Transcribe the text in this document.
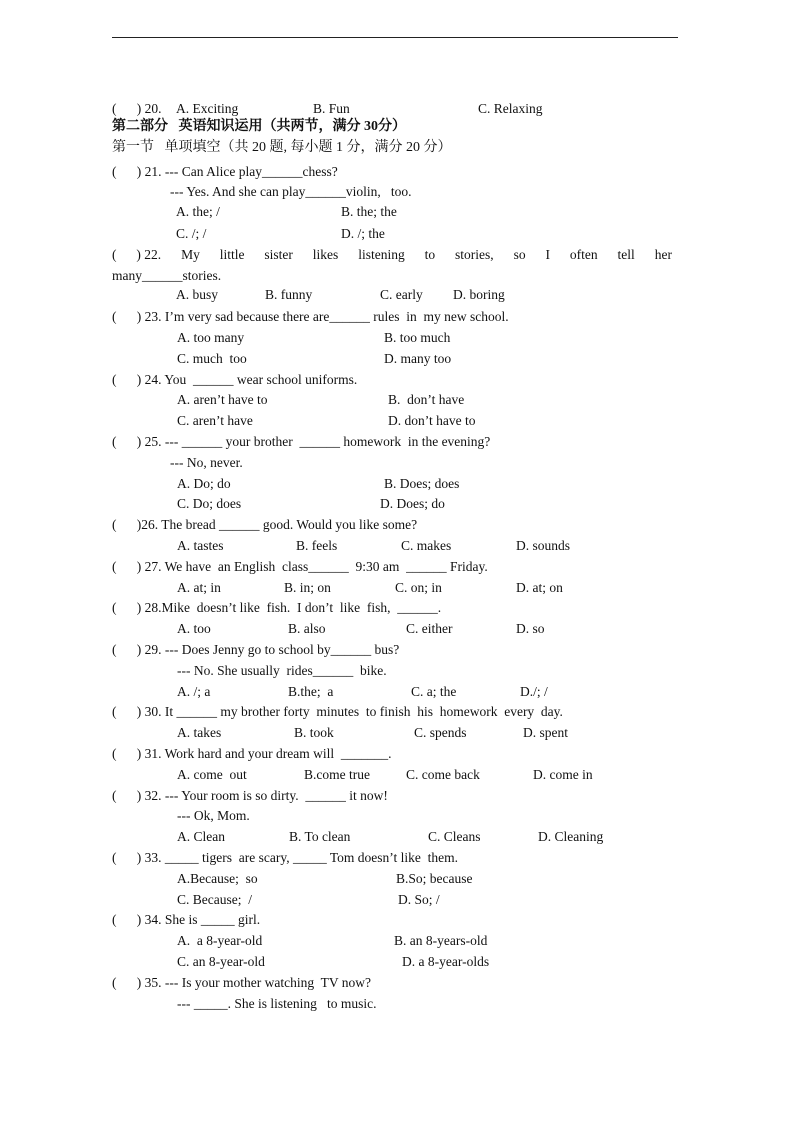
(      ) 20. A. Exciting	B. Fun	C. Relaxing
第二部分   英语知识运用（共两节，满分 30分）
第一节   单项填空（共 20 题, 每小题 1 分，满分 20 分）
(      ) 21. --- Can Alice play______chess?
--- Yes. And she can play______violin,   too.
A. the; /	B. the; the
C. /; /	D. /; the
( ) 22. My little sister likes listening to stories, so I often tell her
many______stories.
A. busy	B. funny	C. early D. boring
(      ) 23. I’m very sad because there are______ rules  in  my new school.
A. too many	B. too much
C. much  too	D. many too
(      ) 24. You  ______ wear school uniforms.
A. aren’t have to	B.  don’t have
C. aren’t have	D. don’t have to
(      ) 25. --- ______ your brother  ______ homework  in the evening?
--- No, never.
A. Do; do	B. Does; does
C. Do; does	D. Does; do
(      )26. The bread ______ good. Would you like some?
A. tastes	B. feels	C. makes	D. sounds
(      ) 27. We have  an English  class______  9:30 am  ______ Friday.
A. at; in	B. in; on	C. on; in	D. at; on
(      ) 28.Mike  doesn’t like  fish.  I don’t  like  fish,  ______.
A. too	B. also	C. either	D. so
(      ) 29. --- Does Jenny go to school by______ bus?
--- No. She usually  rides______  bike.
A. /; a	B.the;  a	C. a; the	D./; /
(      ) 30. It ______ my brother forty  minutes  to finish  his  homework  every  day.
A. takes	B. took	C. spends	D. spent
(      ) 31. Work hard and your dream will  _______.
A. come  out	B.come true	C. come back	D. come in
(      ) 32. --- Your room is so dirty.  ______ it now!
--- Ok, Mom.
A. Clean	B. To clean	C. Cleans	D. Cleaning
(      ) 33. _____ tigers  are scary, _____ Tom doesn’t like  them.
A.Because;  so	B.So; because
C. Because;  /	D. So; /
(      ) 34. She is _____ girl.
A.  a 8-year-old	B. an 8-years-old
C. an 8-year-old	D. a 8-year-olds
(      ) 35. --- Is your mother watching  TV now?
--- _____. She is listening   to music.
